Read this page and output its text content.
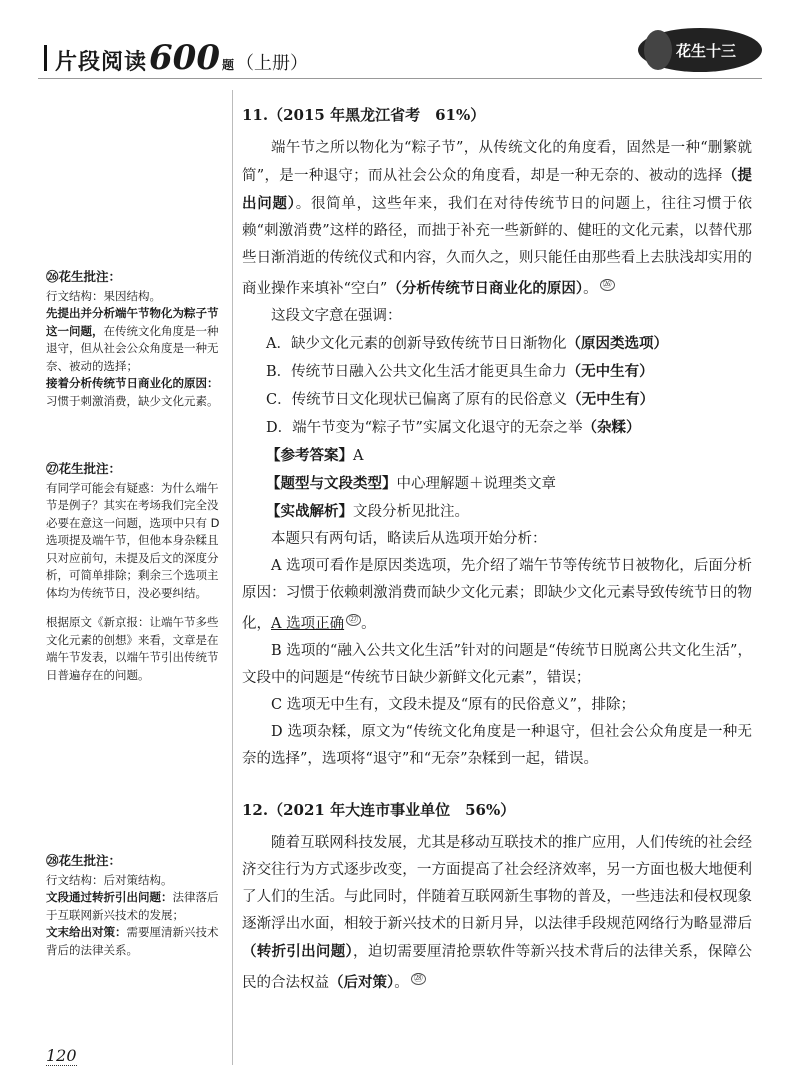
片段阅读 600 题 （上册）
花生十三
㉖花生批注：

行文结构：果因结构。
先提出并分析端午节物化为粽子节这一问题，在传统文化角度是一种退守，但从社会公众角度是一种无奈、被动的选择；
接着分析传统节日商业化的原因：习惯于刺激消费，缺少文化元素。

㉗花生批注：

有同学可能会有疑惑：为什么端午节是例子？其实在考场我们完全没必要在意这一问题，选项中只有 D 选项提及端午节，但他本身杂糅且只对应前句，未提及后文的深度分析，可简单排除；剩余三个选项主体均为传统节日，没必要纠结。

根据原文《新京报：让端午节多些文化元素的创想》来看，文章是在端午节发表，以端午节引出传统节日普遍存在的问题。

㉘花生批注：

行文结构：后对策结构。
文段通过转折引出问题：法律落后于互联网新兴技术的发展；
文末给出对策：需要厘清新兴技术背后的法律关系。

11.（2015 年黑龙江省考　61%）

端午节之所以物化为“粽子节”，从传统文化的角度看，固然是一种“删繁就简”，是一种退守；而从社会公众的角度看，却是一种无奈的、被动的选择（提出问题）。很简单，这些年来，我们在对待传统节日的问题上，往往习惯于依赖“刺激消费”这样的路径，而拙于补充一些新鲜的、健旺的文化元素，以替代那些日渐消逝的传统仪式和内容，久而久之，则只能任由那些看上去肤浅却实用的商业操作来填补“空白”（分析传统节日商业化的原因）。 $^㉖$

这段文字意在强调：

A．缺少文化元素的创新导致传统节日日渐物化（原因类选项）

B．传统节日融入公共文化生活才能更具生命力（无中生有）

C．传统节日文化现状已偏离了原有的民俗意义（无中生有）

D．端午节变为“粽子节”实属文化退守的无奈之举（杂糅）

【参考答案】A

【题型与文段类型】中心理解题＋说理类文章

【实战解析】文段分析见批注。

本题只有两句话，略读后从选项开始分析：

A 选项可看作是原因类选项，先介绍了端午节等传统节日被物化，后面分析原因：习惯于依赖刺激消费而缺少文化元素；即缺少文化元素导致传统节日的物化，A 选项正确 $^㉗$ 。

B 选项的“融入公共文化生活”针对的问题是“传统节日脱离公共文化生活”，文段中的问题是“传统节日缺少新鲜文化元素”，错误；

C 选项无中生有，文段未提及“原有的民俗意义”，排除；

D 选项杂糅，原文为“传统文化角度是一种退守，但社会公众角度是一种无奈的选择”，选项将“退守”和“无奈”杂糅到一起，错误。

12.（2021 年大连市事业单位　56%）

随着互联网科技发展，尤其是移动互联技术的推广应用，人们传统的社会经济交往行为方式逐步改变，一方面提高了社会经济效率，另一方面也极大地便利了人们的生活。与此同时，伴随着互联网新生事物的普及，一些违法和侵权现象逐渐浮出水面，相较于新兴技术的日新月异，以法律手段规范网络行为略显滞后（转折引出问题），迫切需要厘清抢票软件等新兴技术背后的法律关系，保障公民的合法权益（后对策）。 $^㉘$

120
